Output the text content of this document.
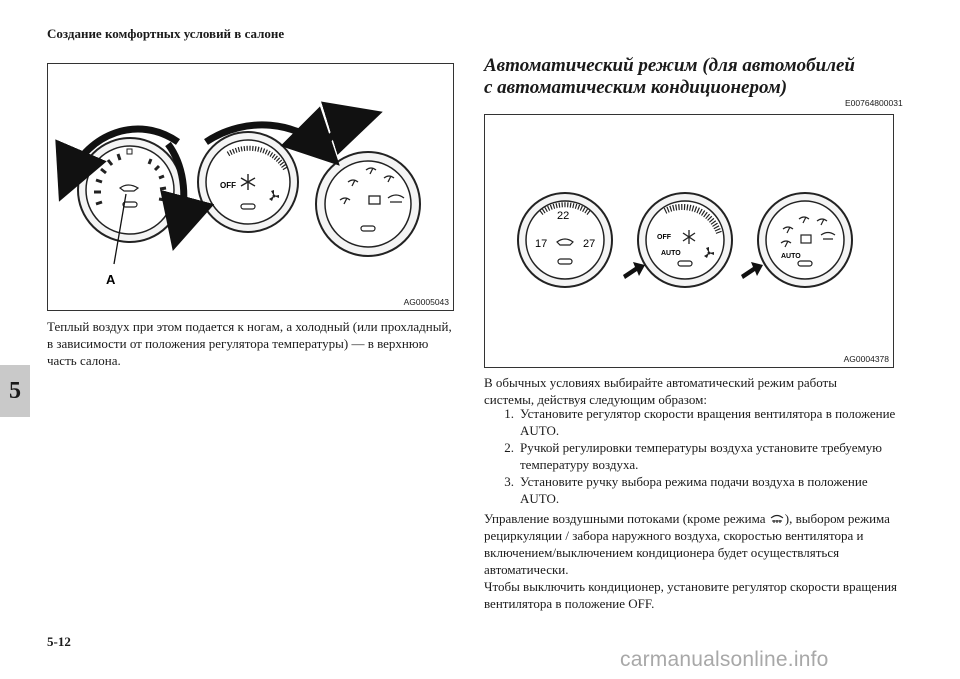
Создание комфортных условий в салоне
5
OFF
A
AG0005043

Теплый воздух при этом подается к ногам, а холодный (или прохладный, в зависимости от положения регулятора температуры) — в верхнюю часть салона.

Автоматический режим (для автомобилей
с автоматическим кондиционером)
E00764800031
22
17	27
OFF
AUTO	AUTO
AG0004378
В обычных условиях выбирайте автоматический режим работы
системы, действуя следующим образом:
1. Установите регулятор скорости вращения вентилятора в положение AUTO.
2. Ручкой регулировки температуры воздуха установите требуемую температуру воздуха.
3. Установите ручку выбора режима подачи воздуха в положение AUTO.
Управление воздушными потоками (кроме режима ), выбором режима рециркуляции / забора наружного воздуха, скоростью вентилятора и включением/выключением кондиционера будет осуществляться автоматически.
Чтобы выключить кондиционер, установите регулятор скорости вращения вентилятора в положение OFF.
5-12
carmanualsonline.info
